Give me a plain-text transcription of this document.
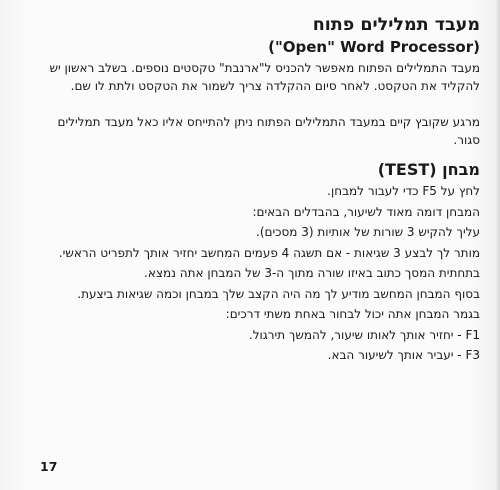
מעבד תמלילים פתוח
("Open" Word Processor)

מעבד התמלילים הפתוח מאפשר להכניס ל"ארנבת" טקסטים נוספים. בשלב ראשון יש להקליד את הטקסט. לאחר סיום ההקלדה צריך לשמור את הטקסט ולתת לו שם.

מרגע שקובץ קיים במעבד התמלילים הפתוח ניתן להתייחס אליו כאל מעבד תמלילים סגור.

מבחן (TEST)

לחץ על F5 כדי לעבור למבחן.

המבחן דומה מאוד לשיעור, בהבדלים הבאים:

עליך להקיש 3 שורות של אותיות (3 מסכים).

מותר לך לבצע 3 שגיאות - אם תשגה 4 פעמים המחשב יחזיר אותך לתפריט הראשי.

בתחתית המסך כתוב באיזו שורה מתוך ה-3 של המבחן אתה נמצא.

בסוף המבחן המחשב מודיע לך מה היה הקצב שלך במבחן וכמה שגיאות ביצעת.

בגמר המבחן אתה יכול לבחור באחת משתי דרכים:

F1 - יחזיר אותך לאותו שיעור, להמשך תירגול.

F3 - יעביר אותך לשיעור הבא.

17
